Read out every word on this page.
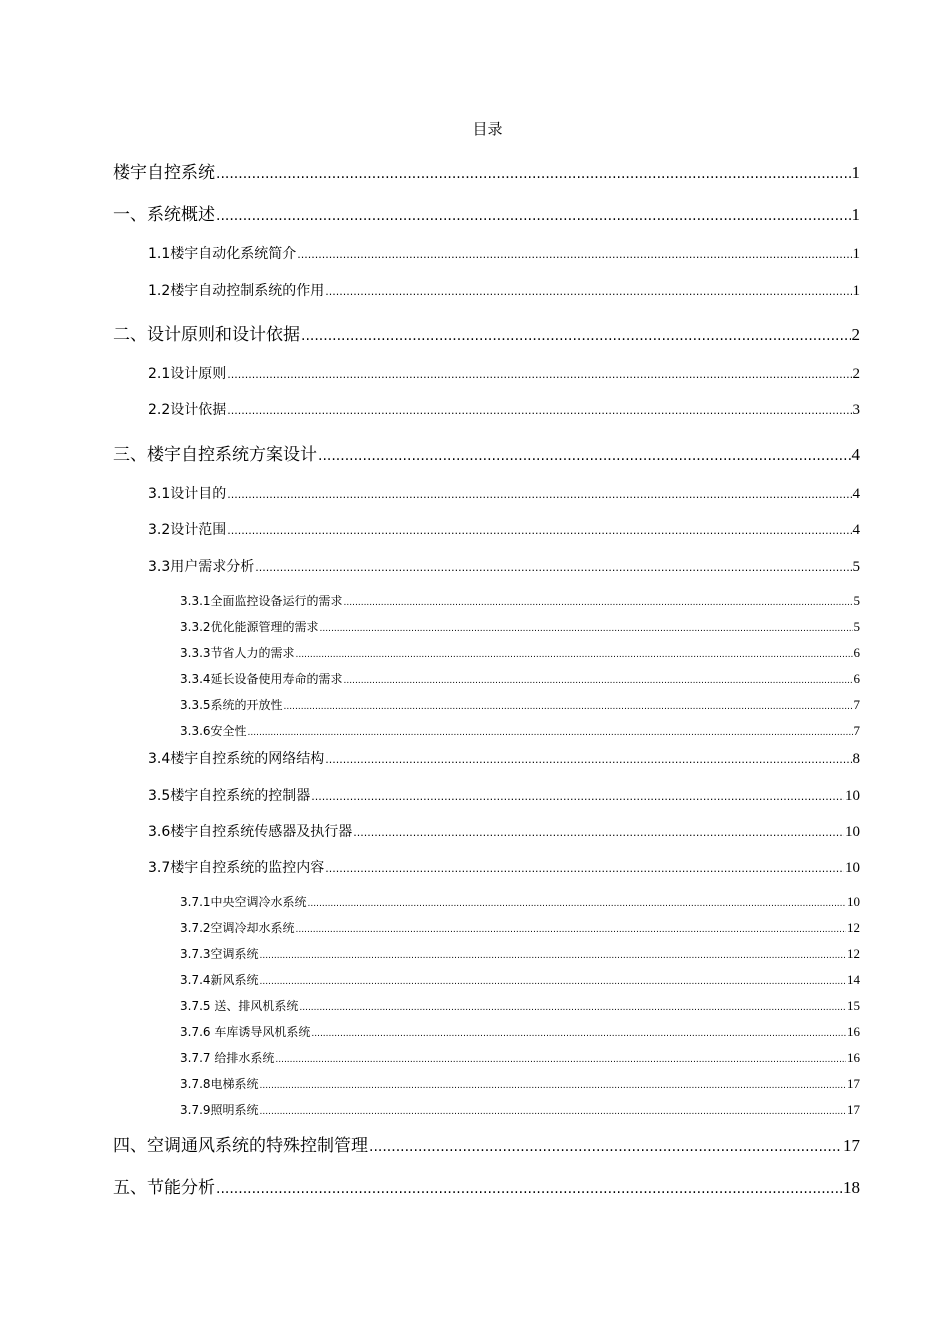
目录
楼宇自控系统 .....	1
一、系统概述 .....	1
1.1楼宇自动化系统简介 .....	1
1.2楼宇自动控制系统的作用 .....	1
二、设计原则和设计依据 .....	2
2.1设计原则 .....	2
2.2设计依据 .....	3
三、楼宇自控系统方案设计 .....	4
3.1设计目的 .....	4
3.2设计范围 .....	4
3.3用户需求分析 .....	5
3.3.1全面监控设备运行的需求 .....	5
3.3.2优化能源管理的需求 .....	5
3.3.3节省人力的需求 .....	6
3.3.4延长设备使用寿命的需求 .....	6
3.3.5系统的开放性 .....	7
3.3.6安全性 .....	7
3.4楼宇自控系统的网络结构 .....	8
3.5楼宇自控系统的控制器 .....	10
3.6楼宇自控系统传感器及执行器 .....	10
3.7楼宇自控系统的监控内容 .....	10
3.7.1中央空调冷水系统 .....	10
3.7.2空调冷却水系统 .....	12
3.7.3空调系统 .....	12
3.7.4新风系统 .....	14
3.7.5 送、排风机系统 .....	15
3.7.6 车库诱导风机系统 .....	16
3.7.7 给排水系统 .....	16
3.7.8电梯系统 .....	17
3.7.9照明系统 .....	17
四、空调通风系统的特殊控制管理 .....	17
五、节能分析 .....	18
